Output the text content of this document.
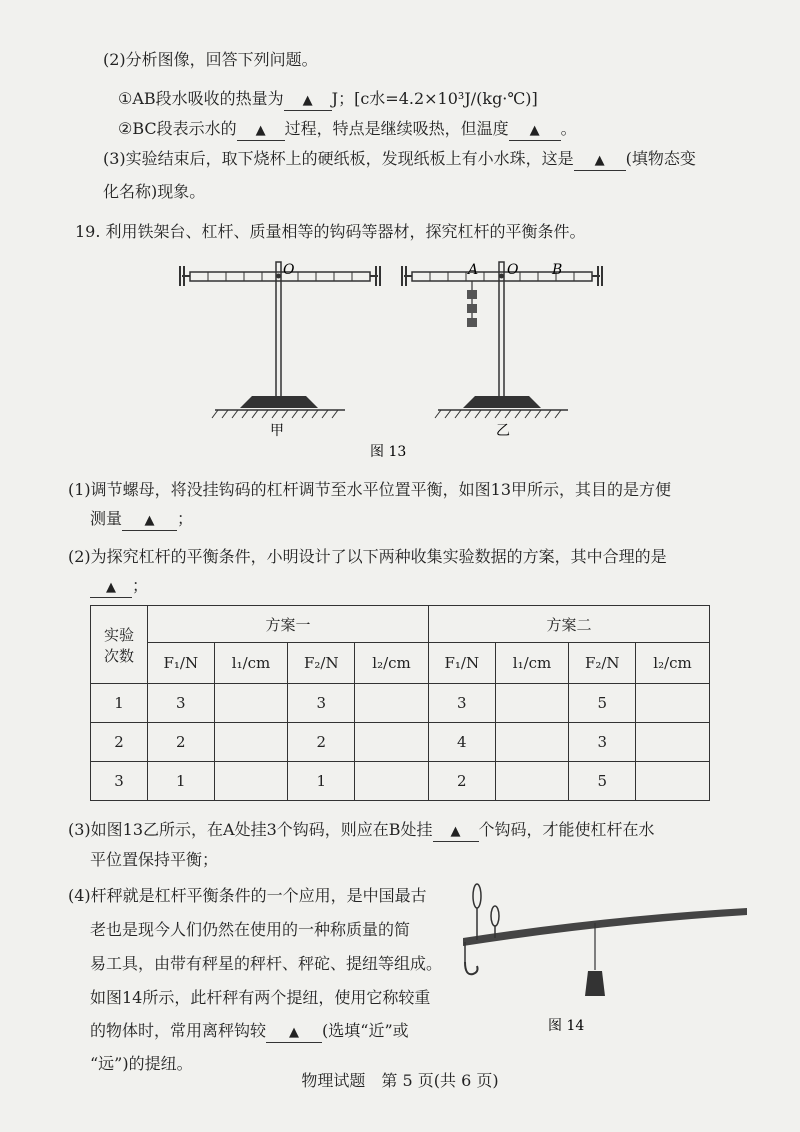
(2)分析图像，回答下列问题。
①AB段水吸收的热量为 ▲ J；[c水=4.2×10³J/(kg·℃)]
②BC段表示水的 ▲ 过程，特点是继续吸热，但温度 ▲ 。
(3)实验结束后，取下烧杯上的硬纸板，发现纸板上有小水珠，这是 ▲ (填物态变
化名称)现象。
19. 利用铁架台、杠杆、质量相等的钩码等器材，探究杠杆的平衡条件。
O
甲
O
A	B
乙
图 13
(1)调节螺母，将没挂钩码的杠杆调节至水平位置平衡，如图13甲所示，其目的是方便
测量 ▲ ；
(2)为探究杠杆的平衡条件，小明设计了以下两种收集实验数据的方案，其中合理的是
▲ ；
实验
次数	方案一				方案二			
	F₁/N	l₁/cm	F₂/N	l₂/cm	F₁/N	l₁/cm	F₂/N	l₂/cm
1	3		3		3		5	
2	2		2		4		3	
3	1		1		2		5	
(3)如图13乙所示，在A处挂3个钩码，则应在B处挂 ▲ 个钩码，才能使杠杆在水
平位置保持平衡；
(4)杆秤就是杠杆平衡条件的一个应用，是中国最古
老也是现今人们仍然在使用的一种称质量的简
易工具，由带有秤星的秤杆、秤砣、提纽等组成。
如图14所示，此杆秤有两个提纽，使用它称较重
的物体时，常用离秤钩较 ▲ (选填“近”或
“远”)的提纽。
图 14
物理试题　第 5 页(共 6 页)
